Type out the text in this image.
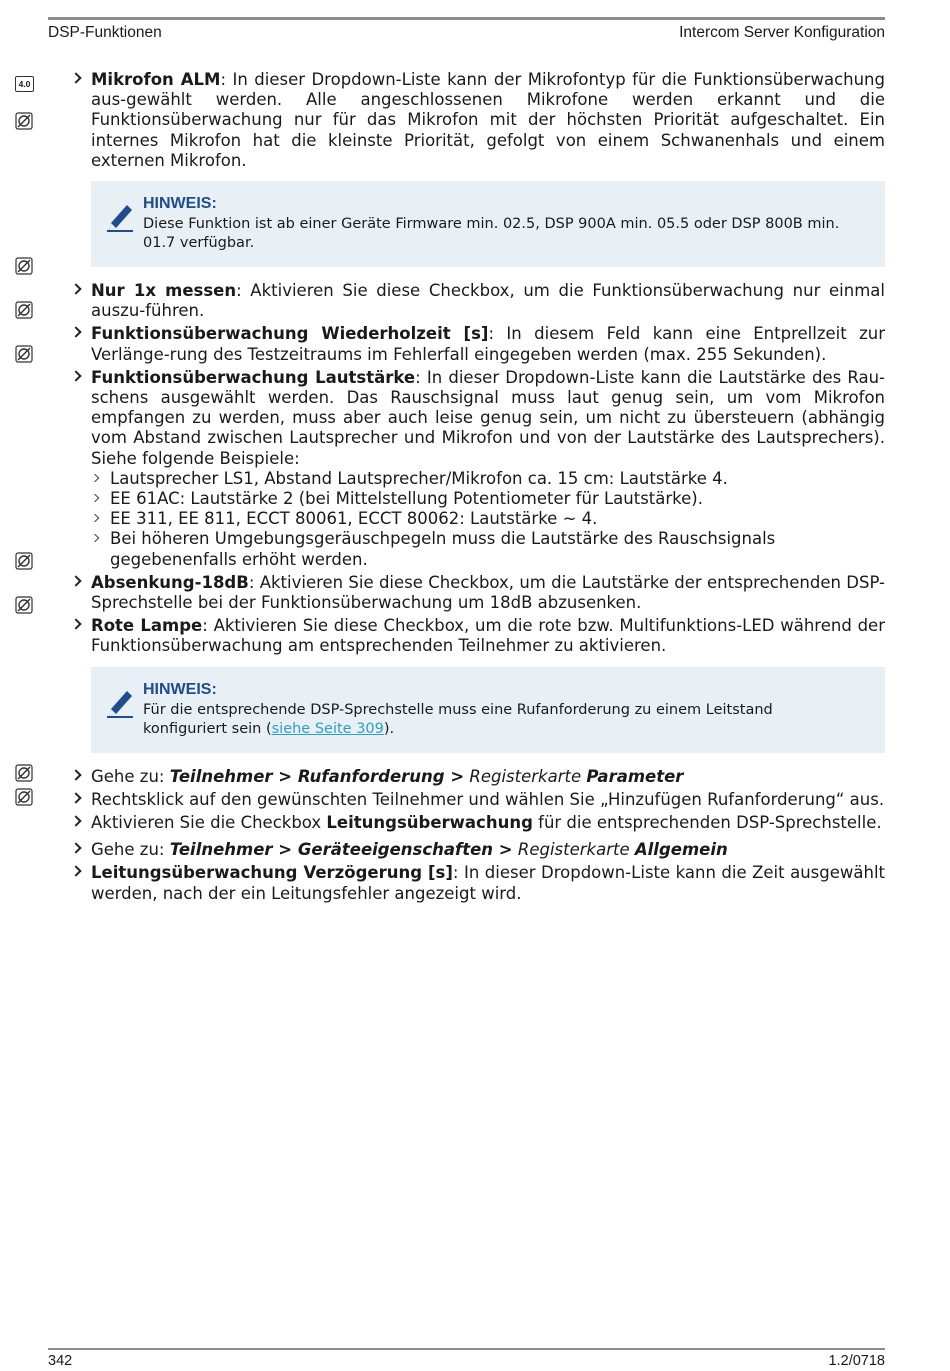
DSP-Funktionen	Intercom Server Konfiguration
4.0	Mikrofon ALM: In dieser Dropdown-Liste kann der Mikrofontyp für die Funktionsüberwachung aus-gewählt werden. Alle angeschlossenen Mikrofone werden erkannt und die Funktionsüberwachung nur für das Mikrofon mit der höchsten Priorität aufgeschaltet. Ein internes Mikrofon hat die kleinste Priorität, gefolgt von einem Schwanenhals und einem externen Mikrofon.

HINWEIS:
Diese Funktion ist ab einer Geräte Firmware min. 02.5, DSP 900A min. 05.5 oder DSP 800B min. 01.7 verfügbar.

Nur 1x messen: Aktivieren Sie diese Checkbox, um die Funktionsüberwachung nur einmal auszu-führen.

Funktionsüberwachung Wiederholzeit [s]: In diesem Feld kann eine Entprellzeit zur Verlänge-rung des Testzeitraums im Fehlerfall eingegeben werden (max. 255 Sekunden).

Funktionsüberwachung Lautstärke: In dieser Dropdown-Liste kann die Lautstärke des Rau-schens ausgewählt werden. Das Rauschsignal muss laut genug sein, um vom Mikrofon empfangen zu werden, muss aber auch leise genug sein, um nicht zu übersteuern (abhängig vom Abstand zwischen Lautsprecher und Mikrofon und von der Lautstärke des Lautsprechers). Siehe folgende Beispiele:

Lautsprecher LS1, Abstand Lautsprecher/Mikrofon ca. 15 cm: Lautstärke 4.
EE 61AC: Lautstärke 2 (bei Mittelstellung Potentiometer für Lautstärke).
EE 311, EE 811, ECCT 80061, ECCT 80062: Lautstärke ~ 4.
Bei höheren Umgebungsgeräuschpegeln muss die Lautstärke des Rauschsignals gegebenenfalls erhöht werden.

Absenkung-18dB: Aktivieren Sie diese Checkbox, um die Lautstärke der entsprechenden DSP-Sprechstelle bei der Funktionsüberwachung um 18dB abzusenken.

Rote Lampe: Aktivieren Sie diese Checkbox, um die rote bzw. Multifunktions-LED während der Funktionsüberwachung am entsprechenden Teilnehmer zu aktivieren.

HINWEIS:
Für die entsprechende DSP-Sprechstelle muss eine Rufanforderung zu einem Leitstand konfiguriert sein (siehe Seite 309).

Gehe zu: Teilnehmer > Rufanforderung > Registerkarte Parameter

Rechtsklick auf den gewünschten Teilnehmer und wählen Sie „Hinzufügen Rufanforderung“ aus.

Aktivieren Sie die Checkbox Leitungsüberwachung für die entsprechenden DSP-Sprechstelle.

Gehe zu: Teilnehmer > Geräteeigenschaften > Registerkarte Allgemein

Leitungsüberwachung Verzögerung [s]: In dieser Dropdown-Liste kann die Zeit ausgewählt werden, nach der ein Leitungsfehler angezeigt wird.

342	1.2/0718
